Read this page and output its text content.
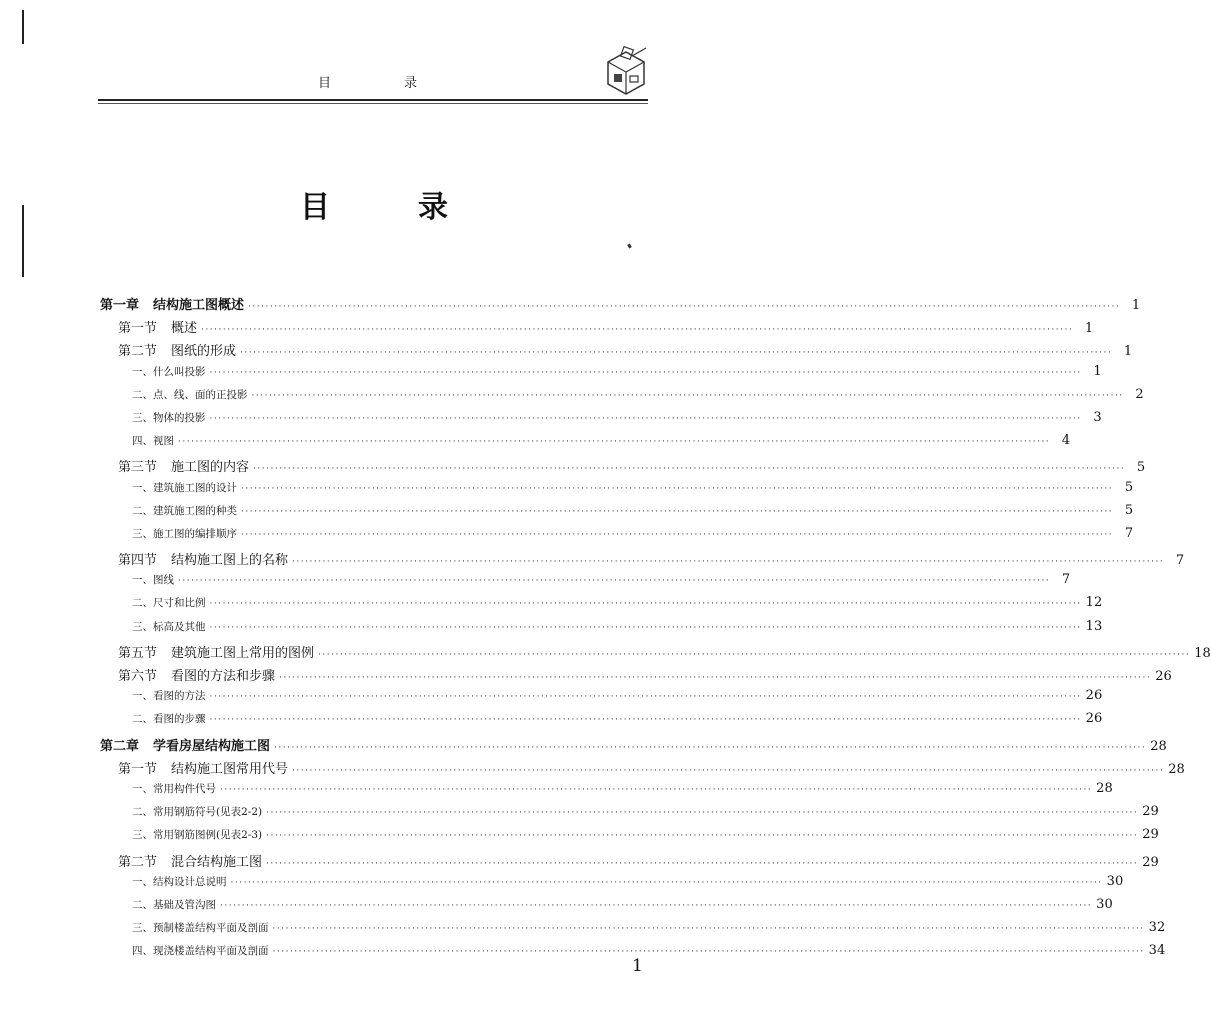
目	录
目	录
第一章 结构施工图概述 ········································································································································································································ 1
第一节 概述 ········································································································································································································ 1
第二节 图纸的形成 ········································································································································································································ 1
一、什么叫投影 ········································································································································································································ 1
二、点、线、面的正投影 ········································································································································································································ 2
三、物体的投影 ········································································································································································································ 3
四、视图 ········································································································································································································ 4
第三节 施工图的内容 ········································································································································································································ 5
一、建筑施工图的设计 ········································································································································································································ 5
二、建筑施工图的种类 ········································································································································································································ 5
三、施工图的编排顺序 ········································································································································································································ 7
第四节 结构施工图上的名称 ········································································································································································································ 7
一、图线 ········································································································································································································ 7
二、尺寸和比例 ········································································································································································································ 12
三、标高及其他 ········································································································································································································ 13
第五节 建筑施工图上常用的图例 ········································································································································································································ 18
第六节 看图的方法和步骤 ········································································································································································································ 26
一、看图的方法 ········································································································································································································ 26
二、看图的步骤 ········································································································································································································ 26
第二章 学看房屋结构施工图 ········································································································································································································ 28
第一节 结构施工图常用代号 ········································································································································································································ 28
一、常用构件代号 ········································································································································································································ 28
二、常用钢筋符号(见表2-2) ········································································································································································································ 29
三、常用钢筋图例(见表2-3) ········································································································································································································ 29
第二节 混合结构施工图 ········································································································································································································ 29
一、结构设计总说明 ········································································································································································································ 30
二、基础及管沟图 ········································································································································································································ 30
三、预制楼盖结构平面及剖面 ········································································································································································································ 32
四、现浇楼盖结构平面及剖面 ········································································································································································································ 34
1
